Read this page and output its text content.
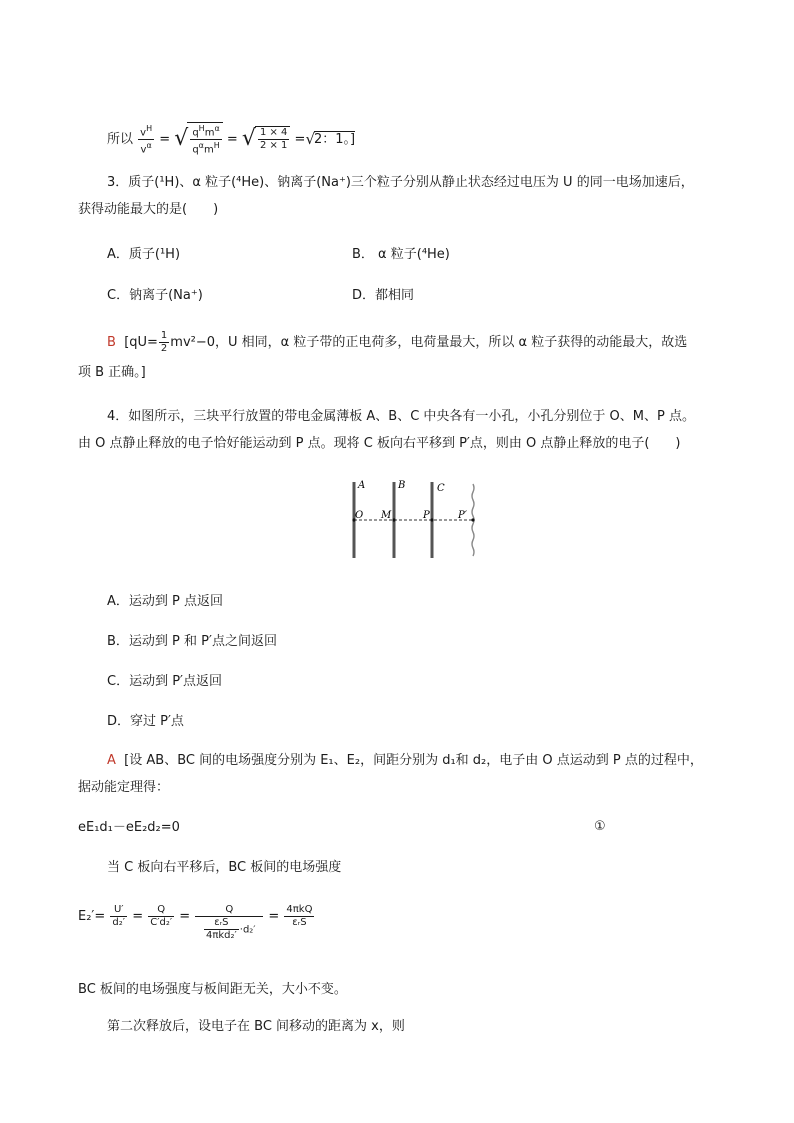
所以 $\frac{v^H}{v^\alpha}$ = √ $\frac{q^Hm^\alpha}{q^\alpha m^H}$ = √ $\frac{1 \times 4}{2 \times 1} =√2$：1。]
3．质子(¹H)、α 粒子(⁴He)、钠离子(Na⁺)三个粒子分别从静止状态经过电压为 U 的同一电场加速后，
获得动能最大的是(　　)
A．质子(¹H)	B． α 粒子(⁴He)
C．钠离子(Na⁺)	D．都相同
B [$qU= \frac{1}{2} mv^2-0$，U 相同，α 粒子带的正电荷多，电荷量最大，所以 α 粒子获得的动能最大，故选
项 B 正确。]
4．如图所示，三块平行放置的带电金属薄板 A、B、C 中央各有一小孔，小孔分别位于 O、M、P 点。
由 O 点静止释放的电子恰好能运动到 P 点。现将 C 板向右平移到 P′点，则由 O 点静止释放的电子(　　)
A	B	C
O M	P	P′
A．运动到 P 点返回
B．运动到 P 和 P′点之间返回
C．运动到 P′点返回
D．穿过 P′点
A [设 AB、BC 间的电场强度分别为 E₁、E₂，间距分别为 d₁和 d₂，电子由 O 点运动到 P 点的过程中，
据动能定理得：
eE₁d₁－eE₂d₂=0	①
当 C 板向右平移后，BC 板间的电场强度
$E_2'= \frac{U'}{\text{d₂′}} = \frac{Q}{\text{C′d₂′}} = \frac{Q}{\frac{\text{εᵣS}}{\text{4πkd₂′}} \cdot d_2'} = \frac{\text{4πkQ}}{\text{εᵣS}}$
BC 板间的电场强度与板间距无关，大小不变。
第二次释放后，设电子在 BC 间移动的距离为 x，则
